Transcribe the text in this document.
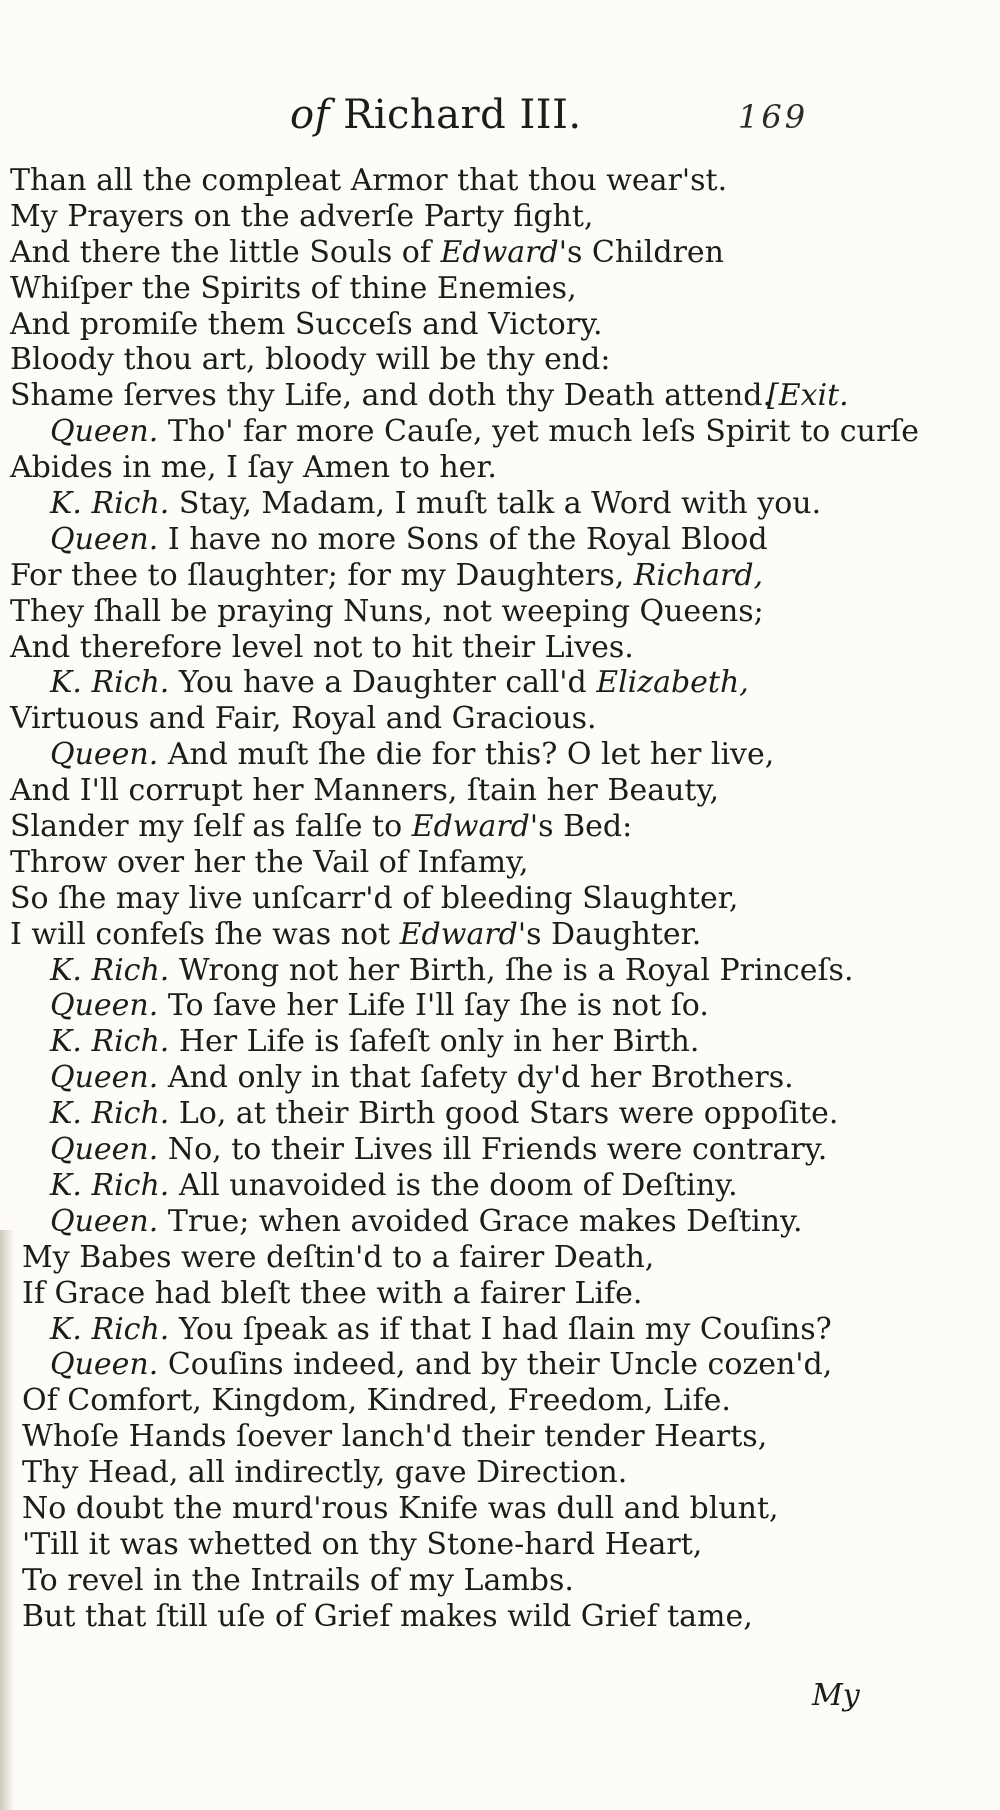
of Richard III.	169
Than all the compleat Armor that thou wear'st.
My Prayers on the adverſe Party fight,
And there the little Souls of Edward's Children
Whiſper the Spirits of thine Enemies,
And promiſe them Succeſs and Victory.
Bloody thou art, bloody will be thy end:
Shame ſerves thy Life, and doth thy Death attend.
[Exit.
Queen. Tho' far more Cauſe, yet much leſs Spirit to curſe
Abides in me, I ſay Amen to her.
K. Rich. Stay, Madam, I muſt talk a Word with you.
Queen. I have no more Sons of the Royal Blood
For thee to ſlaughter; for my Daughters, Richard,
They ſhall be praying Nuns, not weeping Queens;
And therefore level not to hit their Lives.
K. Rich. You have a Daughter call'd Elizabeth,
Virtuous and Fair, Royal and Gracious.
Queen. And muſt ſhe die for this? O let her live,
And I'll corrupt her Manners, ſtain her Beauty,
Slander my ſelf as falſe to Edward's Bed:
Throw over her the Vail of Infamy,
So ſhe may live unſcarr'd of bleeding Slaughter,
I will confeſs ſhe was not Edward's Daughter.
K. Rich. Wrong not her Birth, ſhe is a Royal Princeſs.
Queen. To ſave her Life I'll ſay ſhe is not ſo.
K. Rich. Her Life is ſafeſt only in her Birth.
Queen. And only in that ſafety dy'd her Brothers.
K. Rich. Lo, at their Birth good Stars were oppoſite.
Queen. No, to their Lives ill Friends were contrary.
K. Rich. All unavoided is the doom of Deſtiny.
Queen. True; when avoided Grace makes Deſtiny.
My Babes were deſtin'd to a fairer Death,
If Grace had bleſt thee with a fairer Life.
K. Rich. You ſpeak as if that I had ſlain my Couſins?
Queen. Couſins indeed, and by their Uncle cozen'd,
Of Comfort, Kingdom, Kindred, Freedom, Life.
Whoſe Hands ſoever lanch'd their tender Hearts,
Thy Head, all indirectly, gave Direction.
No doubt the murd'rous Knife was dull and blunt,
'Till it was whetted on thy Stone-hard Heart,
To revel in the Intrails of my Lambs.
But that ſtill uſe of Grief makes wild Grief tame,
My
